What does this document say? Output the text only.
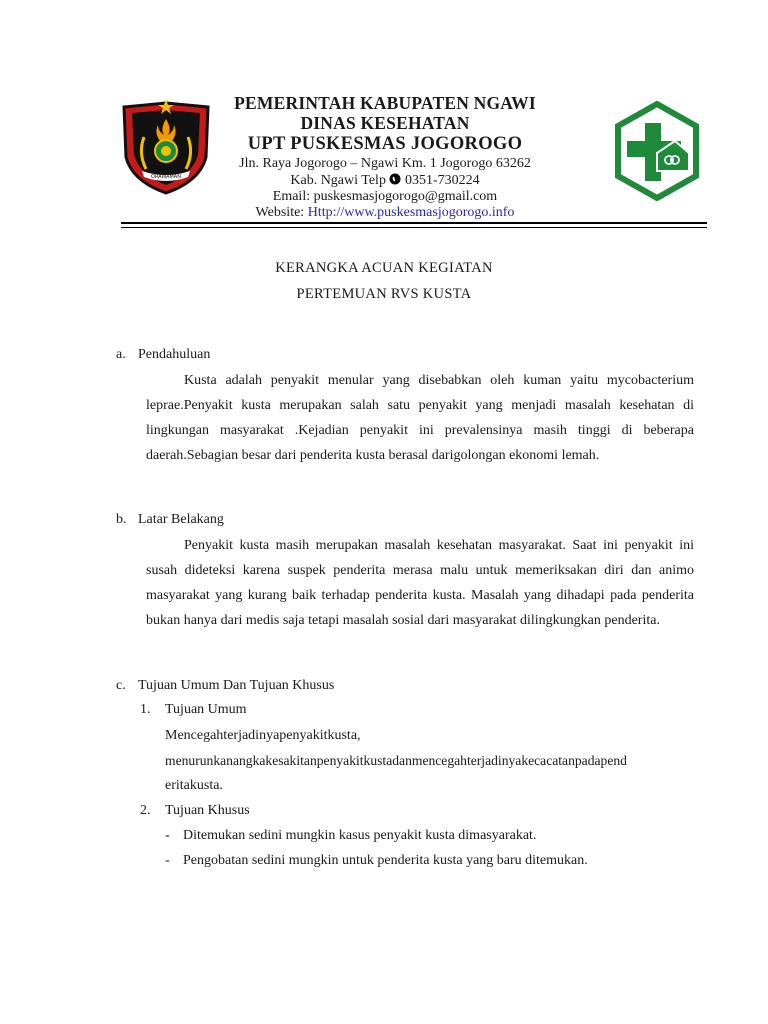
ORAWAMAN
PEMERINTAH KABUPATEN NGAWI
DINAS KESEHATAN
UPT PUSKESMAS JOGOROGO
Jln. Raya Jogorogo – Ngawi Km. 1 Jogorogo 63262
Kab. Ngawi Telp 0351-730224
Email: puskesmasjogorogo@gmail.com
Website: Http://www.puskesmasjogorogo.info
KERANGKA ACUAN KEGIATAN
PERTEMUAN RVS KUSTA
a. Pendahuluan
Kusta adalah penyakit menular yang disebabkan oleh kuman yaitu mycobacterium leprae.Penyakit kusta merupakan salah satu penyakit yang menjadi masalah kesehatan di lingkungan masyarakat .Kejadian penyakit ini prevalensinya masih tinggi di beberapa daerah.Sebagian besar dari penderita kusta berasal darigolongan ekonomi lemah.
b. Latar Belakang
Penyakit kusta masih merupakan masalah kesehatan masyarakat. Saat ini penyakit ini susah dideteksi karena suspek penderita merasa malu untuk memeriksakan diri dan animo masyarakat yang kurang baik terhadap penderita kusta. Masalah yang dihadapi pada penderita bukan hanya dari medis saja tetapi masalah sosial dari masyarakat dilingkungkan penderita.
c. Tujuan Umum Dan Tujuan Khusus
1. Tujuan Umum
Mencegahterjadinyapenyakitkusta,
menurunkanangkakesakitanpenyakitkustadanmencegahterjadinyakecacatanpadapend
eritakusta.
2. Tujuan Khusus
- Ditemukan sedini mungkin kasus penyakit kusta dimasyarakat.
- Pengobatan sedini mungkin untuk penderita kusta yang baru ditemukan.
